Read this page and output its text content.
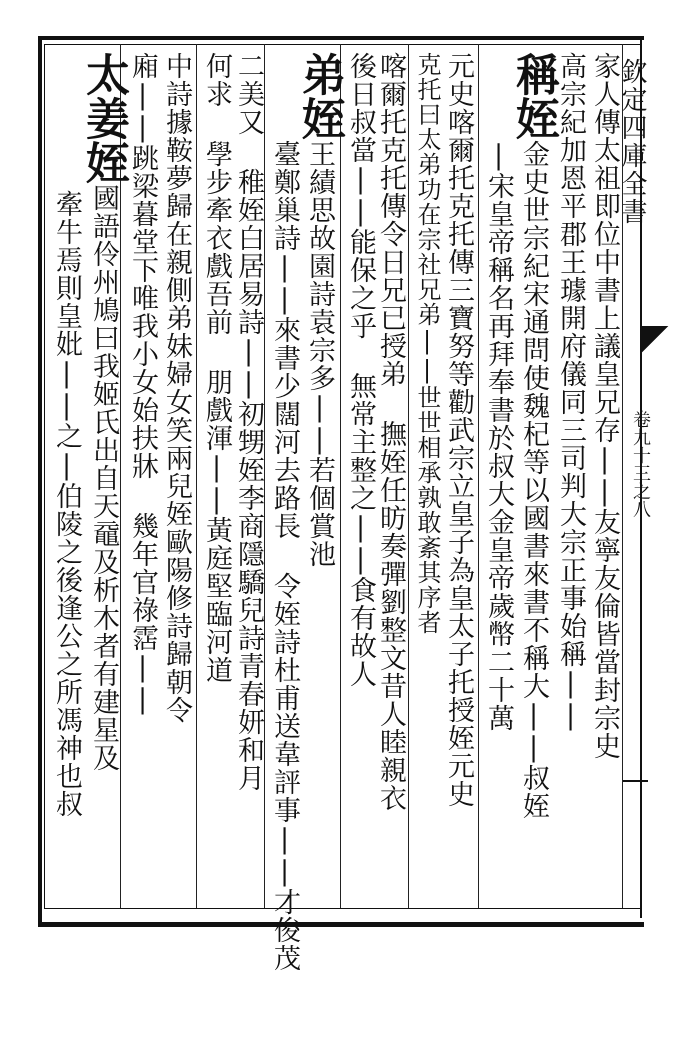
欽定四庫全書
卷九十三之八
家人傳太祖即位中書上議皇兄存||友寧友倫皆當封宗史
高宗紀加恩平郡王璩開府儀同三司判大宗正事始稱||
稱姪金史世宗紀宋通問使魏杞等以國書來書不稱大||叔姪
|宋皇帝稱名再拜奉書於叔大金皇帝歲幣二十萬
元史喀爾托克托傳三寶努等勸武宗立皇子為皇太子托授姪元史
克托曰太弟功在宗社兄弟||世世相承孰敢紊其序者
喀爾托克托傳令日兄已授弟 撫姪任昉奏彈劉整文昔人睦親衣
後日叔當||能保之乎 無常主整之||食有故人
弟姪王績思故園詩袁宗多||若個賞池
臺鄭巢詩||來書少闊河去路長 令姪詩杜甫送韋評事||才俊茂
二美又 稚姪白居易詩||初甥姪李商隱驕兒詩青春妍和月
何求 學步牽衣戲吾前 朋戲渾||黃庭堅臨河道
中詩據鞍夢歸在親側弟妹婦女笑兩兒姪歐陽修詩歸朝令
廂||跳梁暮堂下唯我小女始扶牀 幾年官祿霑||
太姜姪國語伶州鳩曰我姬氏出自天黿及析木者有建星及
牽牛焉則皇妣||之|伯陵之後逢公之所馮神也叔
